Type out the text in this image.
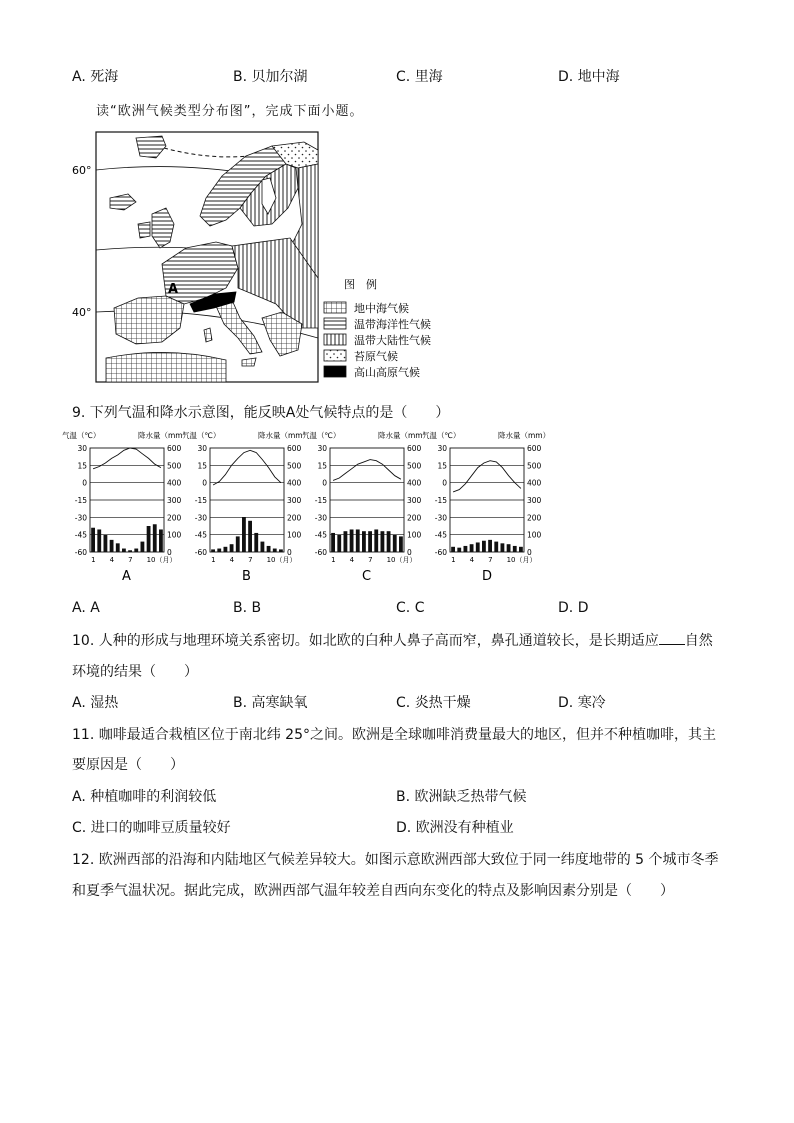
A. 死海	B. 贝加尔湖	C. 里海	D. 地中海
读“欧洲气候类型分布图”，完成下面小题。
60°
40°
A	图　例
地中海气候
温带海洋性气候
温带大陆性气候
苔原气候
高山高原气候
9. 下列气温和降水示意图，能反映A处气候特点的是（　　）
气温（℃）	降水量（mm）
30
15
0
-15
-30
-45
-60
600
500
400
300
200
100
0
1 4 7 10（月）
A
气温（℃）	降水量（mm）
30
15
0
-15
-30
-45
-60
600
500
400
300
200
100
0
1 4 7 10（月）
B
气温（℃）	降水量（mm）
30
15
0
-15
-30
-45
-60
600
500
400
300
200
100
0
1 4 7 10（月）
C
气温（℃）	降水量（mm）
30
15
0
-15
-30
-45
-60
600
500
400
300
200
100
0
1 4 7 10（月）
D
A. A	B. B	C. C	D. D
10. 人种的形成与地理环境关系密切。如北欧的白种人鼻子高而窄，鼻孔通道较长，是长期适应 自然
环境的结果（　　）
A. 湿热	B. 高寒缺氧	C. 炎热干燥	D. 寒冷
11. 咖啡最适合栽植区位于南北纬 25°之间。欧洲是全球咖啡消费量最大的地区，但并不种植咖啡，其主
要原因是（　　）
A. 种植咖啡的利润较低	B. 欧洲缺乏热带气候
C. 进口的咖啡豆质量较好	D. 欧洲没有种植业
12. 欧洲西部的沿海和内陆地区气候差异较大。如图示意欧洲西部大致位于同一纬度地带的 5 个城市冬季
和夏季气温状况。据此完成，欧洲西部气温年较差自西向东变化的特点及影响因素分别是（　　）
